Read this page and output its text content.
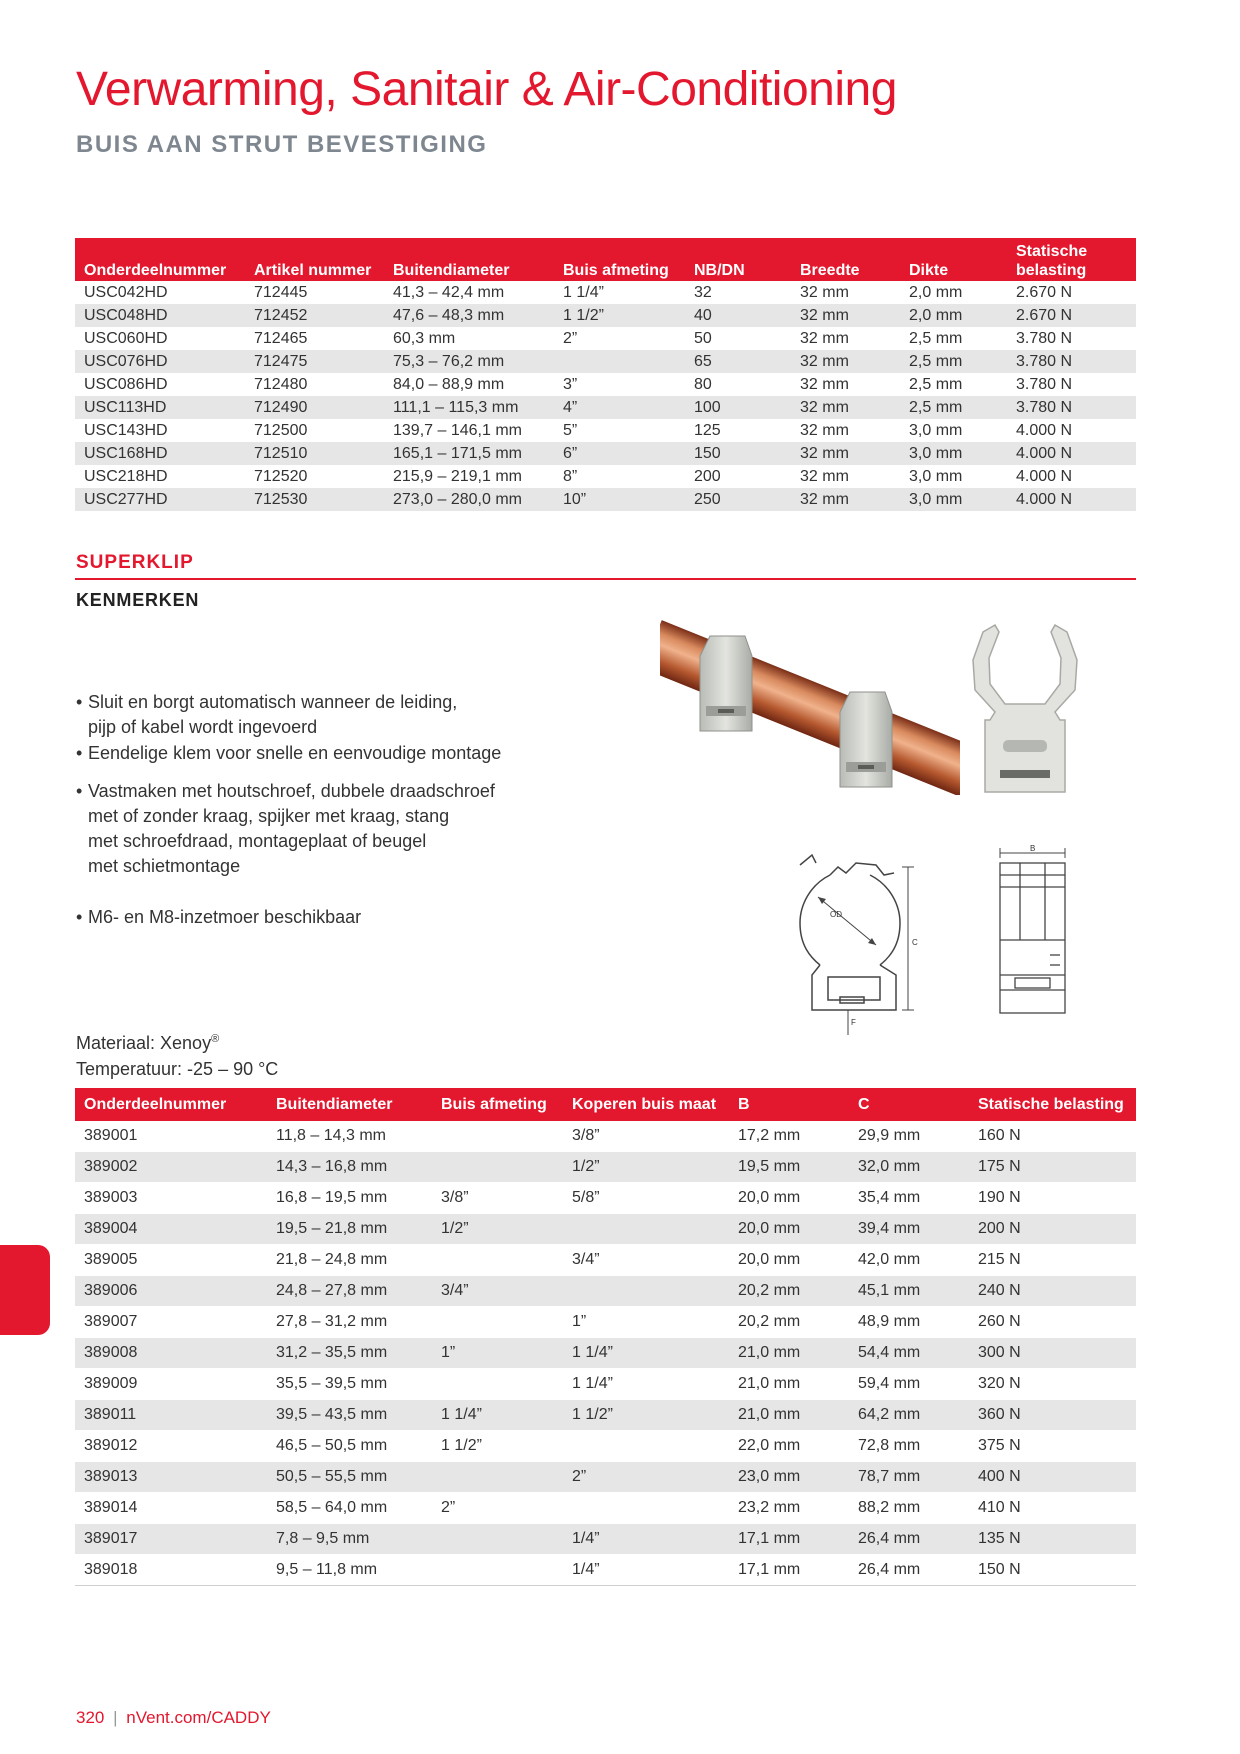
Verwarming, Sanitair & Air-Conditioning
BUIS AAN STRUT BEVESTIGING
Onderdeelnummer	Artikel nummer	Buitendiameter	Buis afmeting	NB/DN	Breedte	Dikte	Statische belasting
USC042HD	712445	41,3 – 42,4 mm	1 1/4”	32	32 mm	2,0 mm	2.670 N
USC048HD	712452	47,6 – 48,3 mm	1 1/2”	40	32 mm	2,0 mm	2.670 N
USC060HD	712465	60,3 mm	2”	50	32 mm	2,5 mm	3.780 N
USC076HD	712475	75,3 – 76,2 mm		65	32 mm	2,5 mm	3.780 N
USC086HD	712480	84,0 – 88,9 mm	3”	80	32 mm	2,5 mm	3.780 N
USC113HD	712490	111,1 – 115,3 mm	4”	100	32 mm	2,5 mm	3.780 N
USC143HD	712500	139,7 – 146,1 mm	5”	125	32 mm	3,0 mm	4.000 N
USC168HD	712510	165,1 – 171,5 mm	6”	150	32 mm	3,0 mm	4.000 N
USC218HD	712520	215,9 – 219,1 mm	8”	200	32 mm	3,0 mm	4.000 N
USC277HD	712530	273,0 – 280,0 mm	10”	250	32 mm	3,0 mm	4.000 N
SUPERKLIP
KENMERKEN
• Sluit en borgt automatisch wanneer de leiding,
pijp of kabel wordt ingevoerd
• Eendelige klem voor snelle en eenvoudige montage
• Vastmaken met houtschroef, dubbele draadschroef
met of zonder kraag, spijker met kraag, stang
met schroefdraad, montageplaat of beugel
met schietmontage
• M6- en M8-inzetmoer beschikbaar	OD
C
F
B
Materiaal: Xenoy®
Temperatuur: -25 – 90 °C
Onderdeelnummer	Buitendiameter	Buis afmeting	Koperen buis maat	B	C	Statische belasting
389001	11,8 – 14,3 mm		3/8”	17,2 mm	29,9 mm	160 N
389002	14,3 – 16,8 mm		1/2”	19,5 mm	32,0 mm	175 N
389003	16,8 – 19,5 mm	3/8”	5/8”	20,0 mm	35,4 mm	190 N
389004	19,5 – 21,8 mm	1/2”		20,0 mm	39,4 mm	200 N
389005	21,8 – 24,8 mm		3/4”	20,0 mm	42,0 mm	215 N
389006	24,8 – 27,8 mm	3/4”		20,2 mm	45,1 mm	240 N
389007	27,8 – 31,2 mm		1”	20,2 mm	48,9 mm	260 N
389008	31,2 – 35,5 mm	1”	1 1/4”	21,0 mm	54,4 mm	300 N
389009	35,5 – 39,5 mm		1 1/4”	21,0 mm	59,4 mm	320 N
389011	39,5 – 43,5 mm	1 1/4”	1 1/2”	21,0 mm	64,2 mm	360 N
389012	46,5 – 50,5 mm	1 1/2”		22,0 mm	72,8 mm	375 N
389013	50,5 – 55,5 mm		2”	23,0 mm	78,7 mm	400 N
389014	58,5 – 64,0 mm	2”		23,2 mm	88,2 mm	410 N
389017	7,8 – 9,5 mm		1/4”	17,1 mm	26,4 mm	135 N
389018	9,5 – 11,8 mm		1/4”	17,1 mm	26,4 mm	150 N
320 | nVent.com/CADDY
